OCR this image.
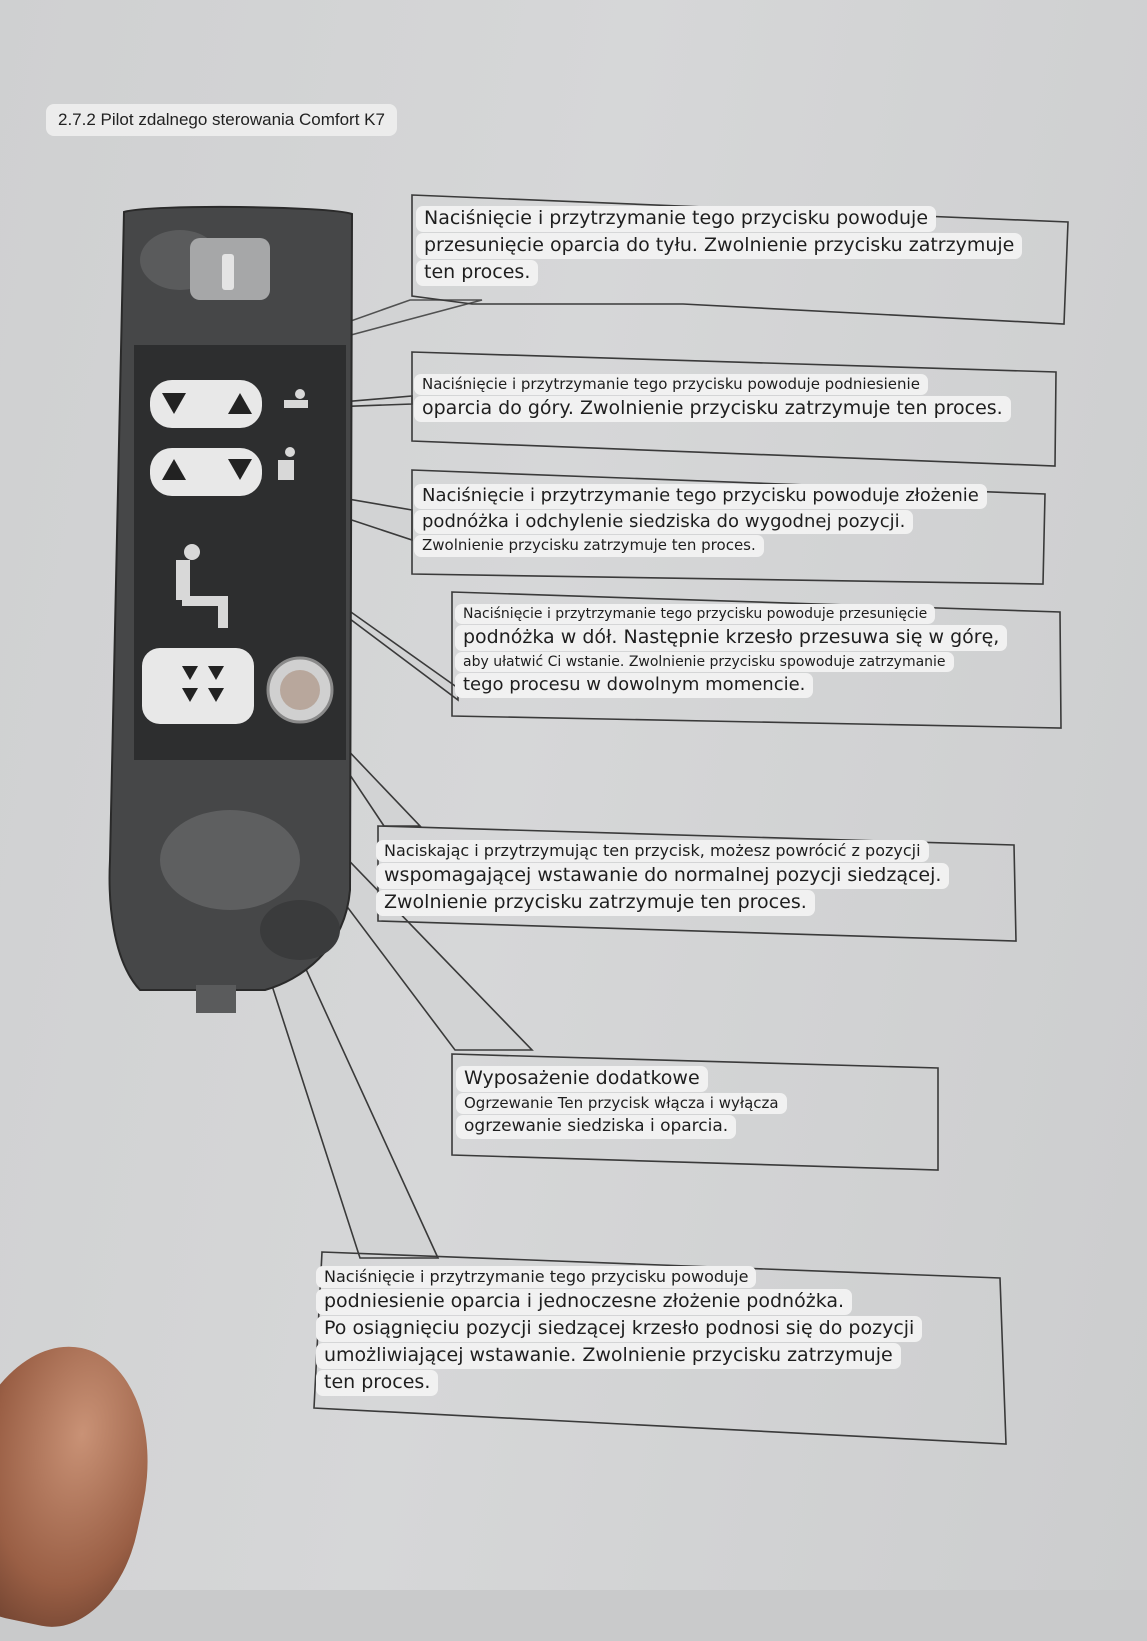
2.7.2 Pilot zdalnego sterowania Comfort K7
Naciśnięcie i przytrzymanie tego przycisku powoduje
przesunięcie oparcia do tyłu. Zwolnienie przycisku zatrzymuje
ten proces.
Naciśnięcie i przytrzymanie tego przycisku powoduje podniesienie
oparcia do góry. Zwolnienie przycisku zatrzymuje ten proces.
Naciśnięcie i przytrzymanie tego przycisku powoduje złożenie
podnóżka i odchylenie siedziska do wygodnej pozycji.
Zwolnienie przycisku zatrzymuje ten proces.
Naciśnięcie i przytrzymanie tego przycisku powoduje przesunięcie
podnóżka w dół. Następnie krzesło przesuwa się w górę,
aby ułatwić Ci wstanie. Zwolnienie przycisku spowoduje zatrzymanie
tego procesu w dowolnym momencie.
Naciskając i przytrzymując ten przycisk, możesz powrócić z pozycji
wspomagającej wstawanie do normalnej pozycji siedzącej.
Zwolnienie przycisku zatrzymuje ten proces.
Wyposażenie dodatkowe
Ogrzewanie Ten przycisk włącza i wyłącza
ogrzewanie siedziska i oparcia.
Naciśnięcie i przytrzymanie tego przycisku powoduje
podniesienie oparcia i jednoczesne złożenie podnóżka.
Po osiągnięciu pozycji siedzącej krzesło podnosi się do pozycji
umożliwiającej wstawanie. Zwolnienie przycisku zatrzymuje
ten proces.
